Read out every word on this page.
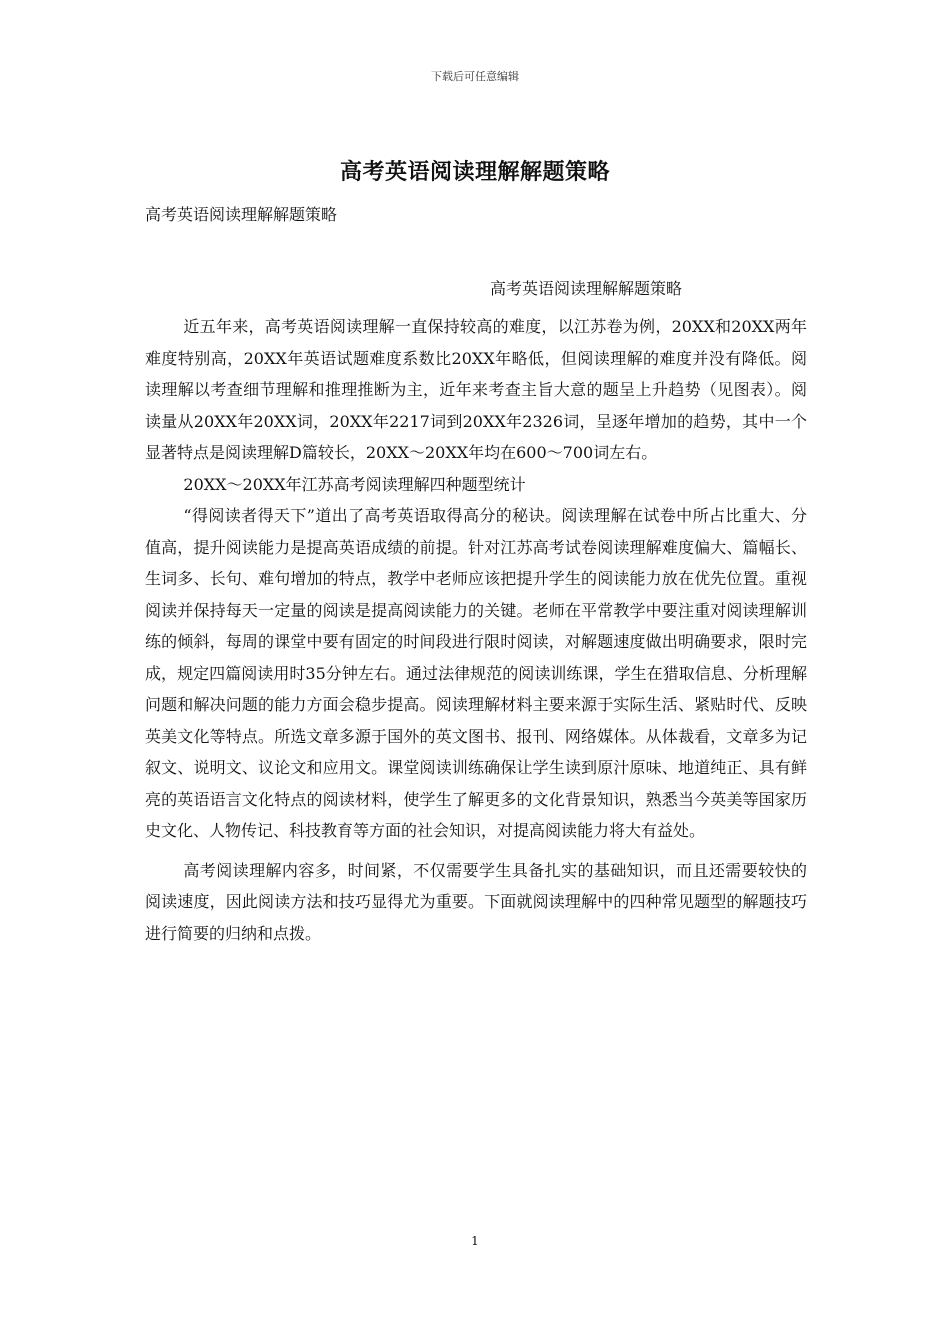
下载后可任意编辑
高考英语阅读理解解题策略
高考英语阅读理解解题策略
高考英语阅读理解解题策略

近五年来，高考英语阅读理解一直保持较高的难度，以江苏卷为例，20XX和20XX两年难度特别高，20XX年英语试题难度系数比20XX年略低，但阅读理解的难度并没有降低。阅读理解以考查细节理解和推理推断为主，近年来考查主旨大意的题呈上升趋势（见图表）。阅读量从20XX年20XX词，20XX年2217词到20XX年2326词，呈逐年增加的趋势，其中一个显著特点是阅读理解D篇较长，20XX～20XX年均在600～700词左右。

20XX～20XX年江苏高考阅读理解四种题型统计

“得阅读者得天下”道出了高考英语取得高分的秘诀。阅读理解在试卷中所占比重大、分值高，提升阅读能力是提高英语成绩的前提。针对江苏高考试卷阅读理解难度偏大、篇幅长、生词多、长句、难句增加的特点，教学中老师应该把提升学生的阅读能力放在优先位置。重视阅读并保持每天一定量的阅读是提高阅读能力的关键。老师在平常教学中要注重对阅读理解训练的倾斜，每周的课堂中要有固定的时间段进行限时阅读，对解题速度做出明确要求，限时完成，规定四篇阅读用时35分钟左右。通过法律规范的阅读训练课，学生在猎取信息、分析理解问题和解决问题的能力方面会稳步提高。阅读理解材料主要来源于实际生活、紧贴时代、反映英美文化等特点。所选文章多源于国外的英文图书、报刊、网络媒体。从体裁看，文章多为记叙文、说明文、议论文和应用文。课堂阅读训练确保让学生读到原汁原味、地道纯正、具有鲜亮的英语语言文化特点的阅读材料，使学生了解更多的文化背景知识，熟悉当今英美等国家历史文化、人物传记、科技教育等方面的社会知识，对提高阅读能力将大有益处。

高考阅读理解内容多，时间紧，不仅需要学生具备扎实的基础知识，而且还需要较快的阅读速度，因此阅读方法和技巧显得尤为重要。下面就阅读理解中的四种常见题型的解题技巧进行简要的归纳和点拨。

1
